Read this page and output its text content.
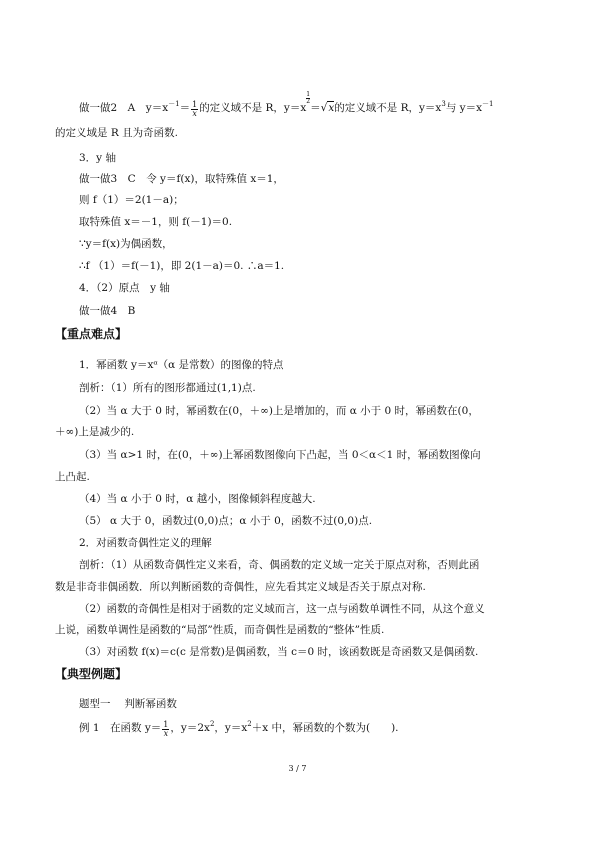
做一做2　A　$y=x^{-1}= \frac{1}{x}$ 的定义域不是 R，y＝x
$\frac{1}{2}=√x$的定义域不是 R，$y=x^3$与 $y=x^{-1}$
的定义域是 R 且为奇函数.
3．y 轴
做一做3　C　令 y＝f(x)，取特殊值 x＝1，
则 f（1）＝2(1－a)；
取特殊值 x＝－1，则 f(－1)＝0.
∵y＝f(x)为偶函数，
∴f （1）＝f(－1)，即 2(1－a)＝0. ∴a＝1.
4．（2）原点　y 轴
做一做4　B
【重点难点】
1．幂函数 y＝xᵅ（α 是常数）的图像的特点
剖析：（1）所有的图形都通过(1,1)点.
（2）当 α 大于 0 时，幂函数在(0，＋∞)上是增加的，而 α 小于 0 时，幂函数在(0，
＋∞)上是减少的.
（3）当 α>1 时，在(0，＋∞)上幂函数图像向下凸起，当 0＜α＜1 时，幂函数图像向
上凸起.
（4）当 α 小于 0 时，α 越小，图像倾斜程度越大.
（5） α 大于 0，函数过(0,0)点；α 小于 0，函数不过(0,0)点.
2．对函数奇偶性定义的理解
剖析：（1）从函数奇偶性定义来看，奇、偶函数的定义域一定关于原点对称，否则此函
数是非奇非偶函数．所以判断函数的奇偶性，应先看其定义域是否关于原点对称.
（2）函数的奇偶性是相对于函数的定义域而言，这一点与函数单调性不同，从这个意义
上说，函数单调性是函数的“局部”性质，而奇偶性是函数的“整体”性质.
（3）对函数 f(x)＝c(c 是常数)是偶函数，当 c＝0 时，该函数既是奇函数又是偶函数.
【典型例题】
题型一　 判断幂函数
例 1　在函数 $y= \frac{1}{x}$ ，$y=2x^2$，$y=x^2+x$ 中，幂函数的个数为(　　).
3 / 7
